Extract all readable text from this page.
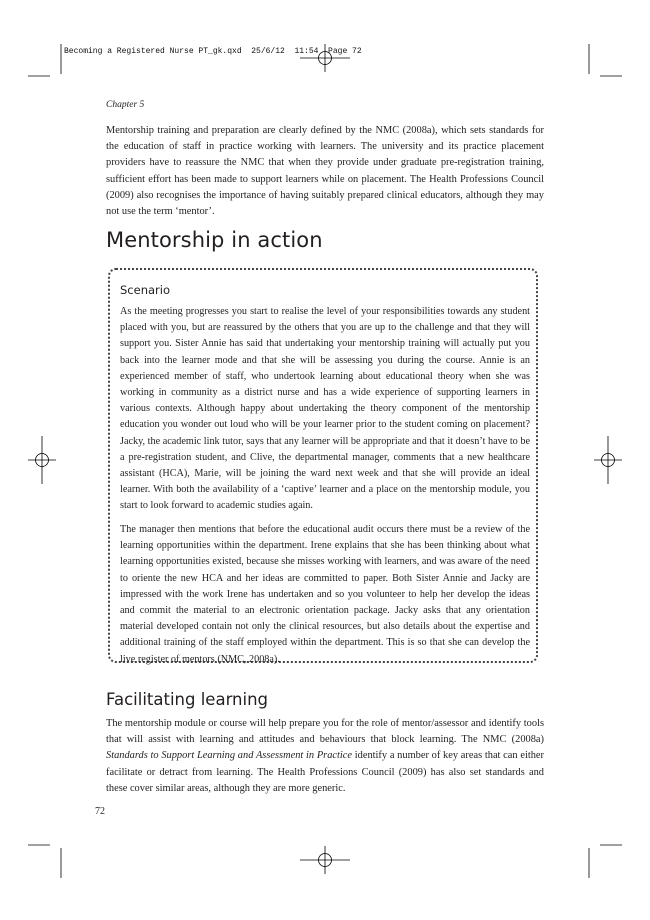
Becoming a Registered Nurse PT_gk.qxd  25/6/12  11:54  Page 72
Chapter 5

Mentorship training and preparation are clearly defined by the NMC (2008a), which sets standards for the education of staff in practice working with learners. The university and its practice placement providers have to reassure the NMC that when they provide under graduate pre-registration training, sufficient effort has been made to support learners while on placement. The Health Professions Council (2009) also recognises the importance of having suitably prepared clinical educators, although they may not use the term ‘mentor’.

Mentorship in action
Scenario

As the meeting progresses you start to realise the level of your responsibilities towards any student placed with you, but are reassured by the others that you are up to the challenge and that they will support you. Sister Annie has said that undertaking your mentorship training will actually put you back into the learner mode and that she will be assessing you during the course. Annie is an experienced member of staff, who undertook learning about educational theory when she was working in community as a district nurse and has a wide experience of supporting learners in various contexts. Although happy about undertaking the theory component of the mentorship education you wonder out loud who will be your learner prior to the student coming on placement? Jacky, the academic link tutor, says that any learner will be appropriate and that it doesn’t have to be a pre-registration student, and Clive, the departmental manager, comments that a new healthcare assistant (HCA), Marie, will be joining the ward next week and that she will provide an ideal learner. With both the availability of a ‘captive’ learner and a place on the mentorship module, you start to look forward to academic studies again.

The manager then mentions that before the educational audit occurs there must be a review of the learning opportunities within the department. Irene explains that she has been thinking about what learning opportunities existed, because she misses working with learners, and was aware of the need to oriente the new HCA and her ideas are committed to paper. Both Sister Annie and Jacky are impressed with the work Irene has undertaken and so you volunteer to help her develop the ideas and commit the material to an electronic orientation package. Jacky asks that any orientation material developed contain not only the clinical resources, but also details about the expertise and additional training of the staff employed within the department. This is so that she can develop the live register of mentors (NMC, 2008a).

Facilitating learning

The mentorship module or course will help prepare you for the role of mentor/assessor and identify tools that will assist with learning and attitudes and behaviours that block learning. The NMC (2008a) Standards to Support Learning and Assessment in Practice identify a number of key areas that can either facilitate or detract from learning. The Health Professions Council (2009) has also set standards and these cover similar areas, although they are more generic.

72
